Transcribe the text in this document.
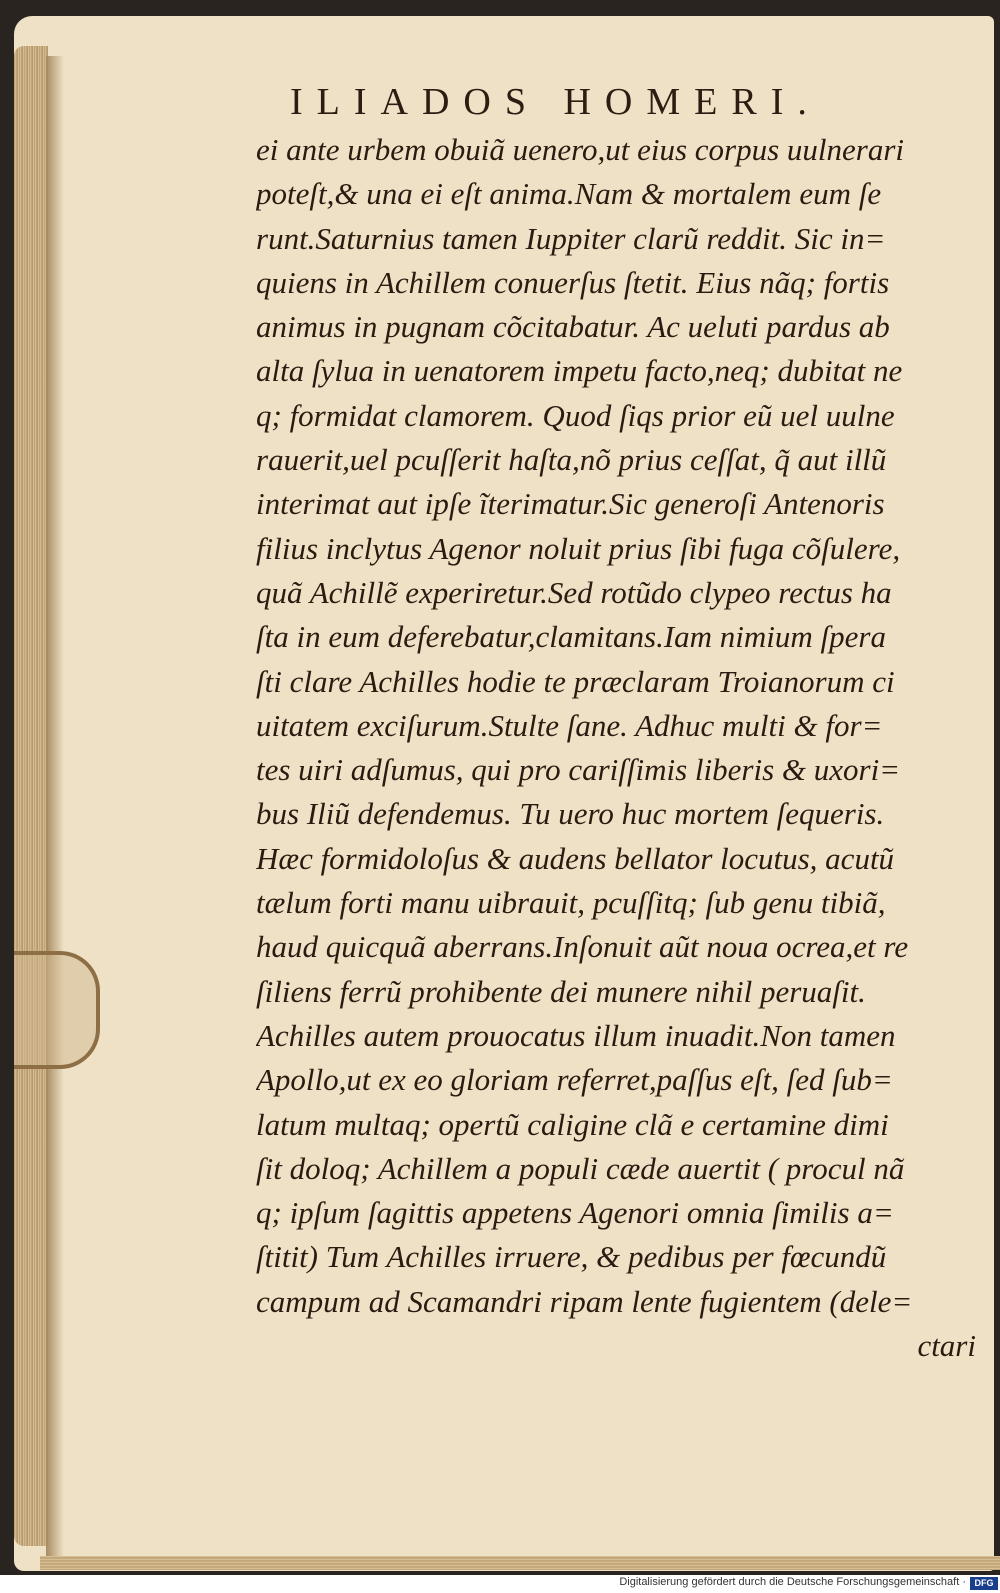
ILIADOS HOMERI.
ei ante urbem obuiã uenero,ut eius corpus uulnerari
poteſt,& una ei eſt anima.Nam & mortalem eum ſe
runt.Saturnius tamen Iuppiter clarũ reddit. Sic in=
quiens in Achillem conuerſus ſtetit. Eius nãq; fortis
animus in pugnam cõcitabatur. Ac ueluti pardus ab
alta ſylua in uenatorem impetu facto,neq; dubitat ne
q; formidat clamorem. Quod ſiqs prior eũ uel uulne
rauerit,uel pcuſſerit haſta,nõ prius ceſſat, q̃ aut illũ
interimat aut ipſe ĩterimatur.Sic generoſi Antenoris
filius inclytus Agenor noluit prius ſibi fuga cõſulere,
quã Achillẽ experiretur.Sed rotũdo clypeo rectus ha
ſta in eum deferebatur,clamitans.Iam nimium ſpera
ſti clare Achilles hodie te præclaram Troianorum ci
uitatem exciſurum.Stulte ſane. Adhuc multi & for=
tes uiri adſumus, qui pro cariſſimis liberis & uxori=
bus Iliũ defendemus. Tu uero huc mortem ſequeris.
Hæc formidoloſus & audens bellator locutus, acutũ
tælum forti manu uibrauit, pcuſſitq; ſub genu tibiã,
haud quicquã aberrans.Inſonuit aũt noua ocrea,et re
ſiliens ferrũ prohibente dei munere nihil peruaſit.
Achilles autem prouocatus illum inuadit.Non tamen
Apollo,ut ex eo gloriam referret,paſſus eſt, ſed ſub=
latum multaq; opertũ caligine clã e certamine dimi
ſit doloq; Achillem a populi cæde auertit ( procul nã
q; ipſum ſagittis appetens Agenori omnia ſimilis a=
ſtitit) Tum Achilles irruere, & pedibus per fœcundũ
campum ad Scamandri ripam lente fugientem (dele=
ctari
Digitalisierung gefördert durch die Deutsche Forschungsgemeinschaft · DFG
